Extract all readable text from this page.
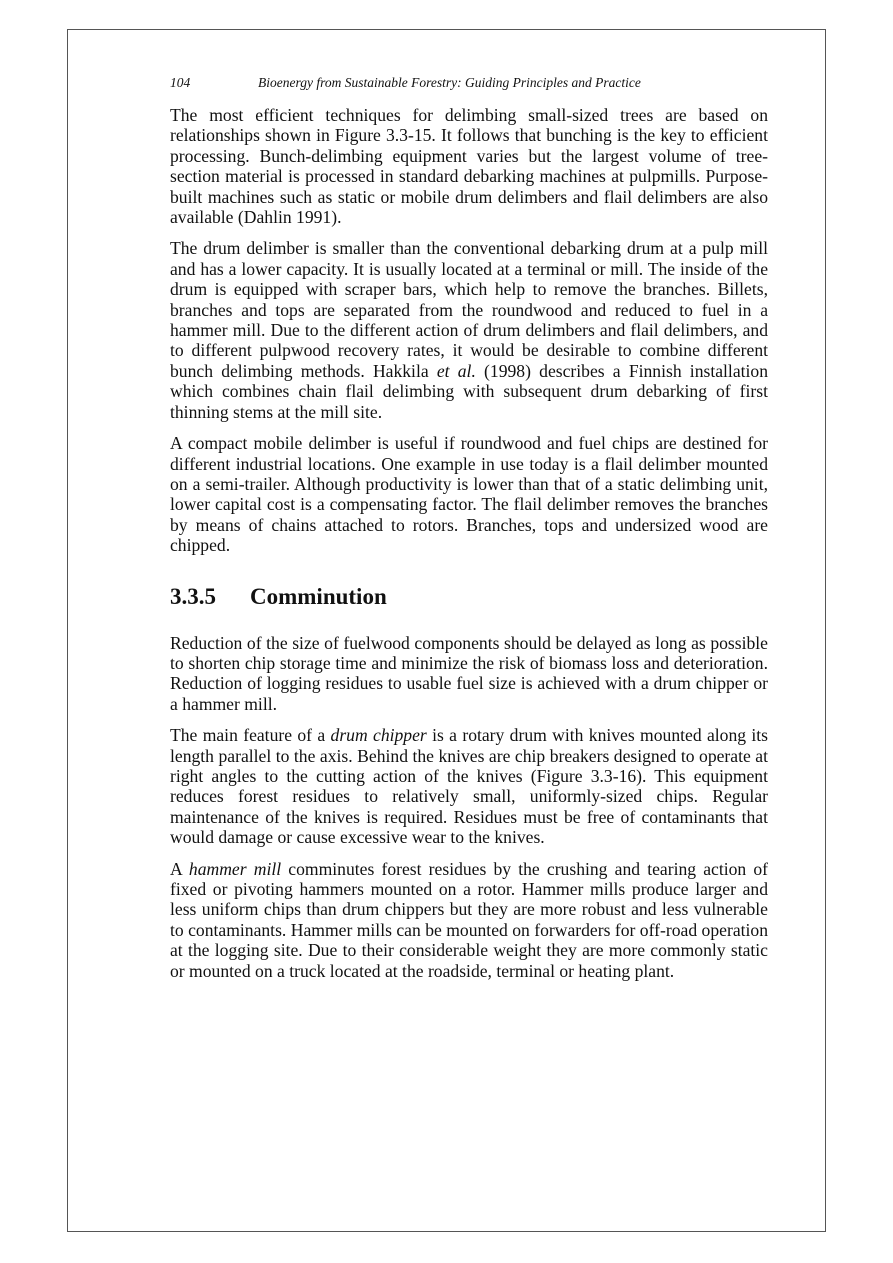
104	Bioenergy from Sustainable Forestry: Guiding Principles and Practice

The most efficient techniques for delimbing small-sized trees are based on relationships shown in Figure 3.3-15. It follows that bunching is the key to efficient processing. Bunch-delimbing equipment varies but the largest volume of tree-section material is processed in standard debarking machines at pulpmills. Purpose-built machines such as static or mobile drum delimbers and flail delimbers are also available (Dahlin 1991).

The drum delimber is smaller than the conventional debarking drum at a pulp mill and has a lower capacity. It is usually located at a terminal or mill. The inside of the drum is equipped with scraper bars, which help to remove the branches. Billets, branches and tops are separated from the roundwood and reduced to fuel in a hammer mill. Due to the different action of drum delimbers and flail delimbers, and to different pulpwood recovery rates, it would be desirable to combine different bunch delimbing methods. Hakkila et al. (1998) describes a Finnish installation which combines chain flail delimbing with subsequent drum debarking of first thinning stems at the mill site.

A compact mobile delimber is useful if roundwood and fuel chips are destined for different industrial locations. One example in use today is a flail delimber mounted on a semi-trailer. Although productivity is lower than that of a static delimbing unit, lower capital cost is a compensating factor. The flail delimber removes the branches by means of chains attached to rotors. Branches, tops and undersized wood are chipped.

3.3.5 Comminution

Reduction of the size of fuelwood components should be delayed as long as possible to shorten chip storage time and minimize the risk of biomass loss and deterioration. Reduction of logging residues to usable fuel size is achieved with a drum chipper or a hammer mill.

The main feature of a drum chipper is a rotary drum with knives mounted along its length parallel to the axis. Behind the knives are chip breakers designed to operate at right angles to the cutting action of the knives (Figure 3.3-16). This equipment reduces forest residues to relatively small, uniformly-sized chips. Regular maintenance of the knives is required. Residues must be free of contaminants that would damage or cause excessive wear to the knives.

A hammer mill comminutes forest residues by the crushing and tearing action of fixed or pivoting hammers mounted on a rotor. Hammer mills produce larger and less uniform chips than drum chippers but they are more robust and less vulnerable to contaminants. Hammer mills can be mounted on forwarders for off-road operation at the logging site. Due to their considerable weight they are more commonly static or mounted on a truck located at the roadside, terminal or heating plant.
